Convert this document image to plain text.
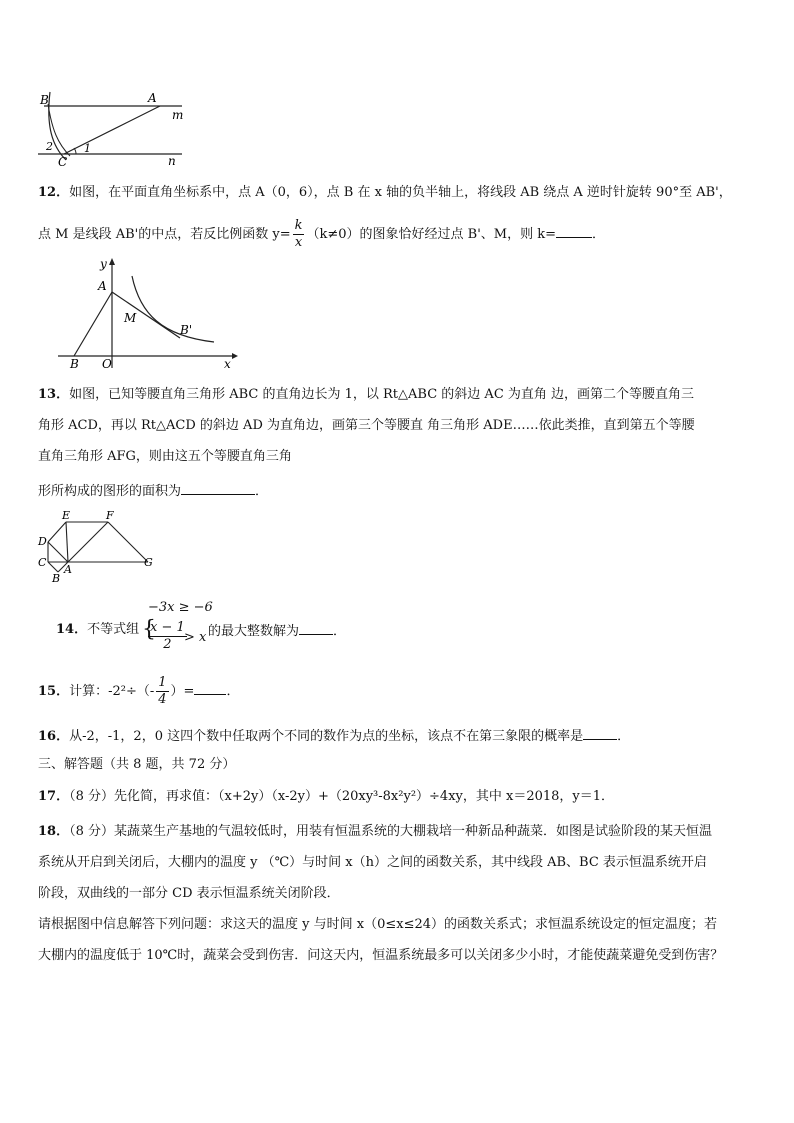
B	A
m
2
C
1
n
12．如图，在平面直角坐标系中，点 A（0，6），点 B 在 x 轴的负半轴上，将线段 AB 绕点 A 逆时针旋转 90°至 AB'，
点 M 是线段 AB'的中点，若反比例函数 $y= \frac{k}{x} (k\ne 0)$的图象恰好经过点 B'、M，则 k=	．
y
A
M
B'
B O	x
13．如图，已知等腰直角三角形 ABC 的直角边长为 1，以 Rt△ABC 的斜边 AC 为直角 边，画第二个等腰直角三
角形 ACD，再以 Rt△ACD 的斜边 AD 为直角边，画第三个等腰直 角三角形 ADE……依此类推，直到第五个等腰
直角三角形 AFG，则由这五个等腰直角三角
形所构成的图形的面积为	．
E	F
D
C
B
A
G
−3x ≥ −6
14．不等式组 {
$\frac{x - 1}{2}$
> x 的最大整数解为	．
15．计算：$-2^2\div(- \frac{1}{4}$ ）= ．
16．从-2，-1，2，0 这四个数中任取两个不同的数作为点的坐标，该点不在第三象限的概率是	．
三、解答题（共 8 题，共 72 分）
17．（8 分）先化简，再求值：（x+2y）（x-2y）+（20xy³-8x²y²）÷4xy，其中 x＝2018，y＝1．
18．（8 分）某蔬菜生产基地的气温较低时，用装有恒温系统的大棚栽培一种新品种蔬菜．如图是试验阶段的某天恒温
系统从开启到关闭后，大棚内的温度 y （℃）与时间 x（h）之间的函数关系，其中线段 AB、BC 表示恒温系统开启
阶段，双曲线的一部分 CD 表示恒温系统关闭阶段．
请根据图中信息解答下列问题：求这天的温度 y 与时间 x（0≤x≤24）的函数关系式；求恒温系统设定的恒定温度；若
大棚内的温度低于 10℃时，蔬菜会受到伤害．问这天内，恒温系统最多可以关闭多少小时，才能使蔬菜避免受到伤害？
